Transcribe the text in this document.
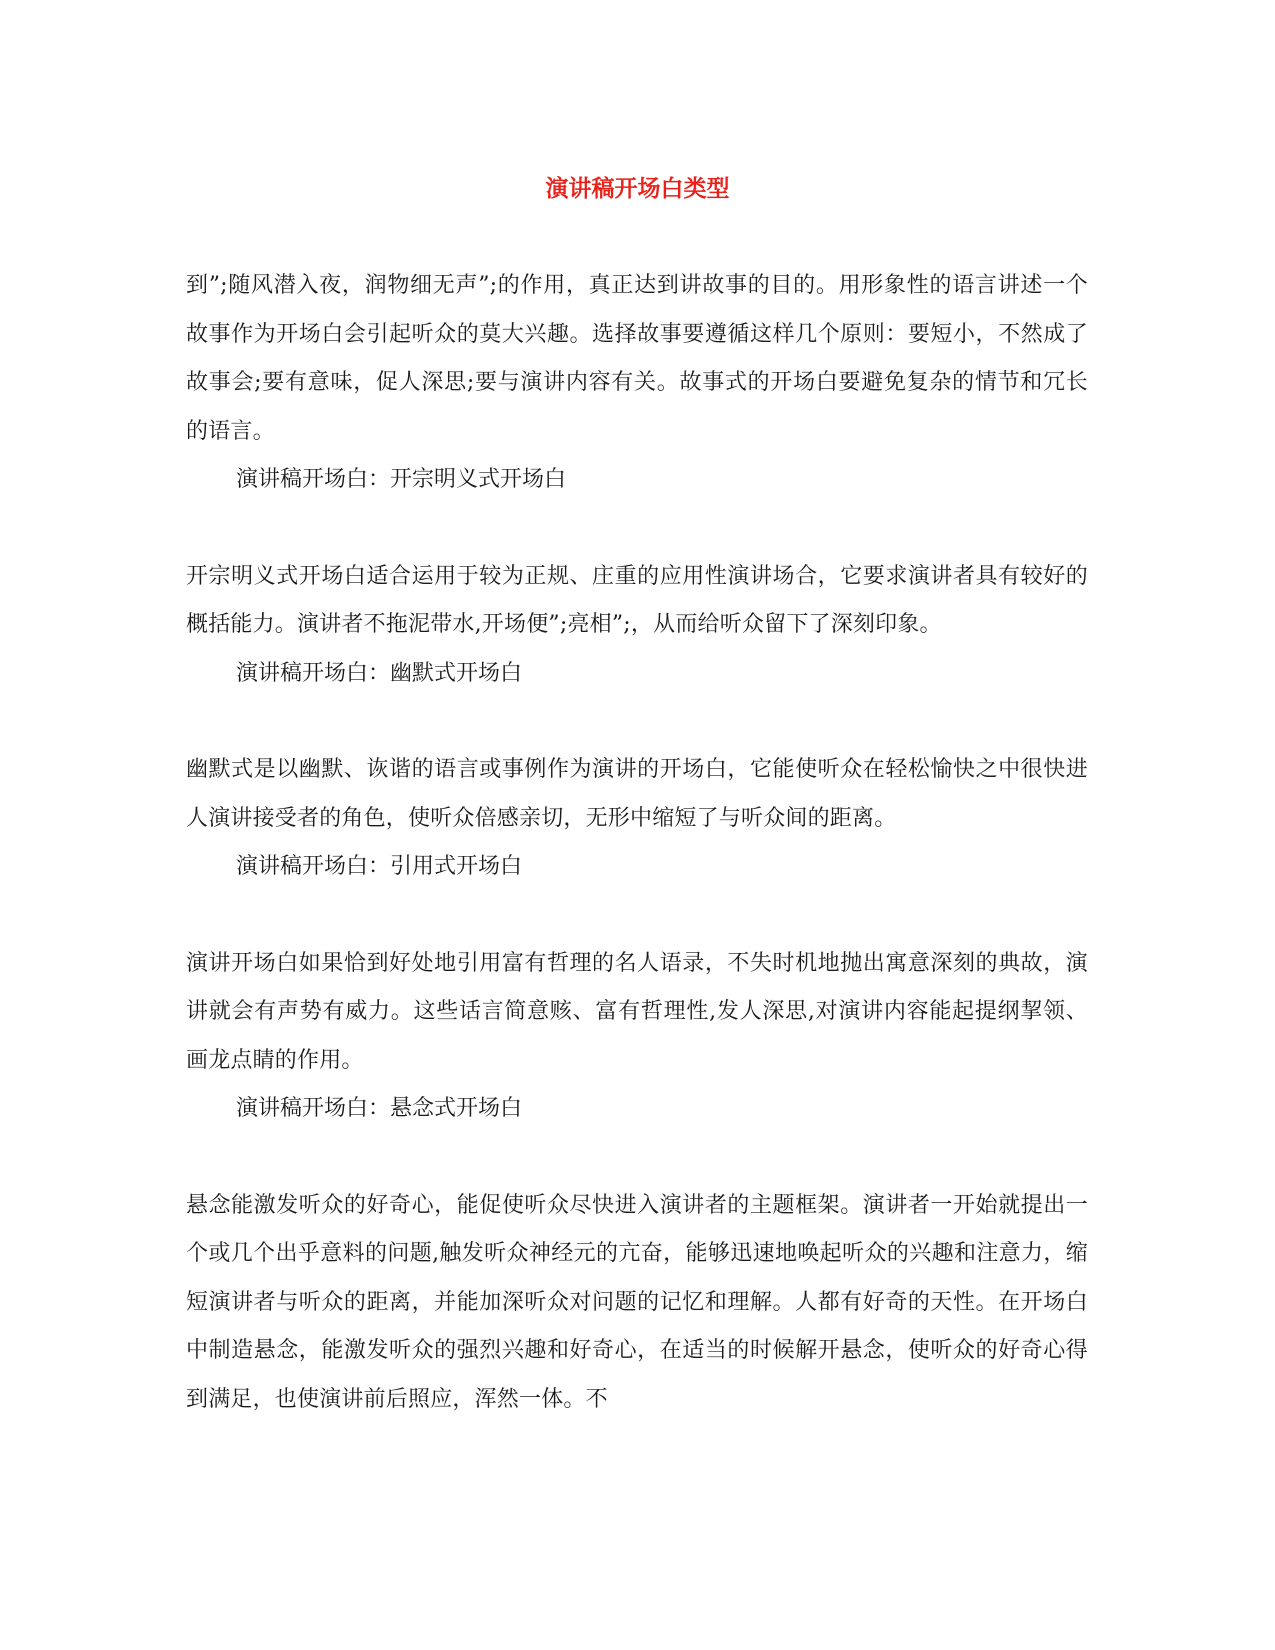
演讲稿开场白类型

到”;随风潜入夜，润物细无声”;的作用，真正达到讲故事的目的。用形象性的语言讲述一个故事作为开场白会引起听众的莫大兴趣。选择故事要遵循这样几个原则：要短小，不然成了故事会;要有意味，促人深思;要与演讲内容有关。故事式的开场白要避免复杂的情节和冗长的语言。

演讲稿开场白：开宗明义式开场白

开宗明义式开场白适合运用于较为正规、庄重的应用性演讲场合，它要求演讲者具有较好的概括能力。演讲者不拖泥带水,开场便”;亮相”;，从而给听众留下了深刻印象。

演讲稿开场白：幽默式开场白

幽默式是以幽默、诙谐的语言或事例作为演讲的开场白，它能使听众在轻松愉快之中很快进人演讲接受者的角色，使听众倍感亲切，无形中缩短了与听众间的距离。

演讲稿开场白：引用式开场白

演讲开场白如果恰到好处地引用富有哲理的名人语录，不失时机地抛出寓意深刻的典故，演讲就会有声势有威力。这些话言简意赅、富有哲理性,发人深思,对演讲内容能起提纲挈领、画龙点睛的作用。

演讲稿开场白：悬念式开场白

悬念能激发听众的好奇心，能促使听众尽快进入演讲者的主题框架。演讲者一开始就提出一个或几个出乎意料的问题,触发听众神经元的亢奋，能够迅速地唤起听众的兴趣和注意力，缩短演讲者与听众的距离，并能加深听众对问题的记忆和理解。人都有好奇的天性。在开场白中制造悬念，能激发听众的强烈兴趣和好奇心，在适当的时候解开悬念，使听众的好奇心得到满足，也使演讲前后照应，浑然一体。不
